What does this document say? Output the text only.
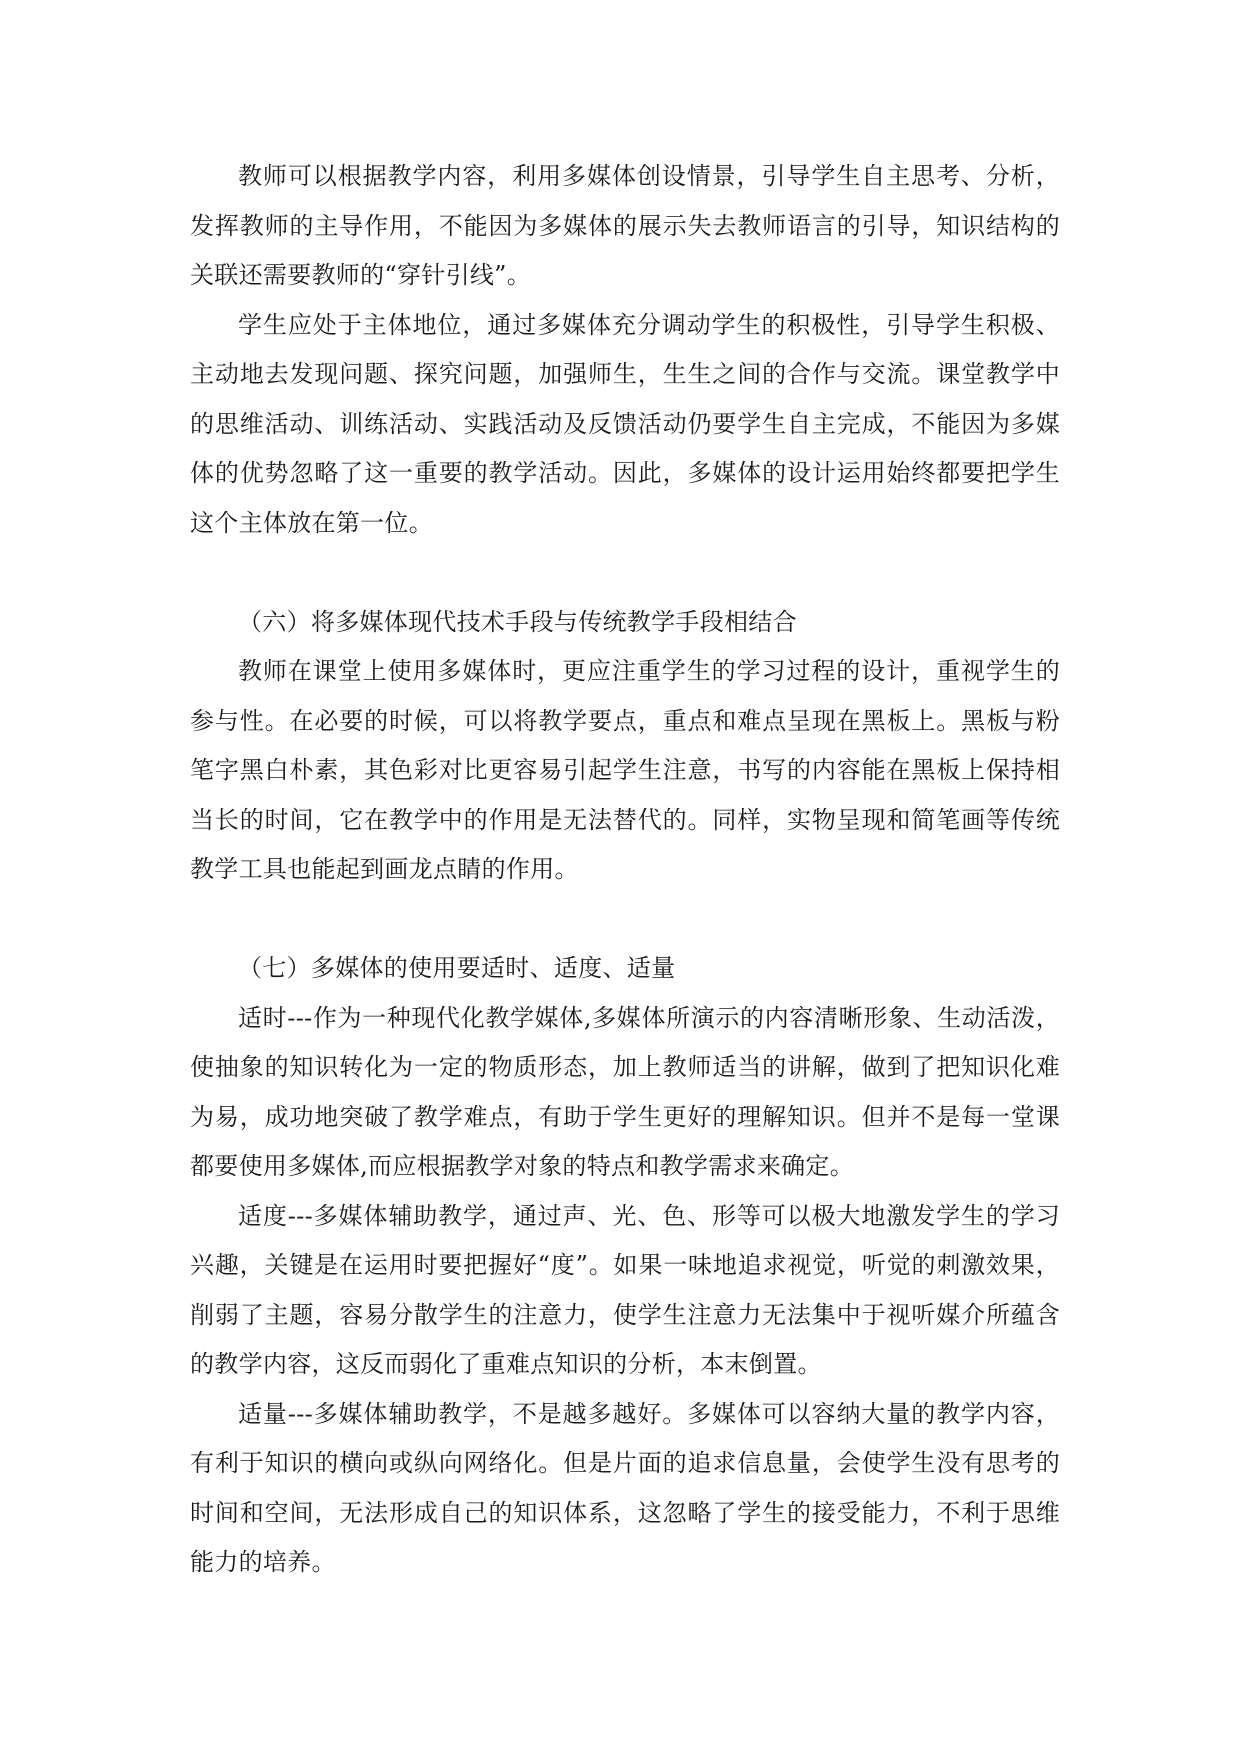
教师可以根据教学内容，利用多媒体创设情景，引导学生自主思考、分析，发挥教师的主导作用，不能因为多媒体的展示失去教师语言的引导，知识结构的关联还需要教师的“穿针引线”。

学生应处于主体地位，通过多媒体充分调动学生的积极性，引导学生积极、主动地去发现问题、探究问题，加强师生，生生之间的合作与交流。课堂教学中的思维活动、训练活动、实践活动及反馈活动仍要学生自主完成，不能因为多媒体的优势忽略了这一重要的教学活动。因此，多媒体的设计运用始终都要把学生这个主体放在第一位。

（六）将多媒体现代技术手段与传统教学手段相结合

教师在课堂上使用多媒体时，更应注重学生的学习过程的设计，重视学生的参与性。在必要的时候，可以将教学要点，重点和难点呈现在黑板上。黑板与粉笔字黑白朴素，其色彩对比更容易引起学生注意，书写的内容能在黑板上保持相当长的时间，它在教学中的作用是无法替代的。同样，实物呈现和简笔画等传统教学工具也能起到画龙点睛的作用。

（七）多媒体的使用要适时、适度、适量

适时---作为一种现代化教学媒体,多媒体所演示的内容清晰形象、生动活泼，使抽象的知识转化为一定的物质形态，加上教师适当的讲解，做到了把知识化难为易，成功地突破了教学难点，有助于学生更好的理解知识。但并不是每一堂课都要使用多媒体,而应根据教学对象的特点和教学需求来确定。

适度---多媒体辅助教学，通过声、光、色、形等可以极大地激发学生的学习兴趣，关键是在运用时要把握好“度”。如果一味地追求视觉，听觉的刺激效果，削弱了主题，容易分散学生的注意力，使学生注意力无法集中于视听媒介所蕴含的教学内容，这反而弱化了重难点知识的分析，本末倒置。

适量---多媒体辅助教学，不是越多越好。多媒体可以容纳大量的教学内容，有利于知识的横向或纵向网络化。但是片面的追求信息量，会使学生没有思考的时间和空间，无法形成自己的知识体系，这忽略了学生的接受能力，不利于思维能力的培养。
